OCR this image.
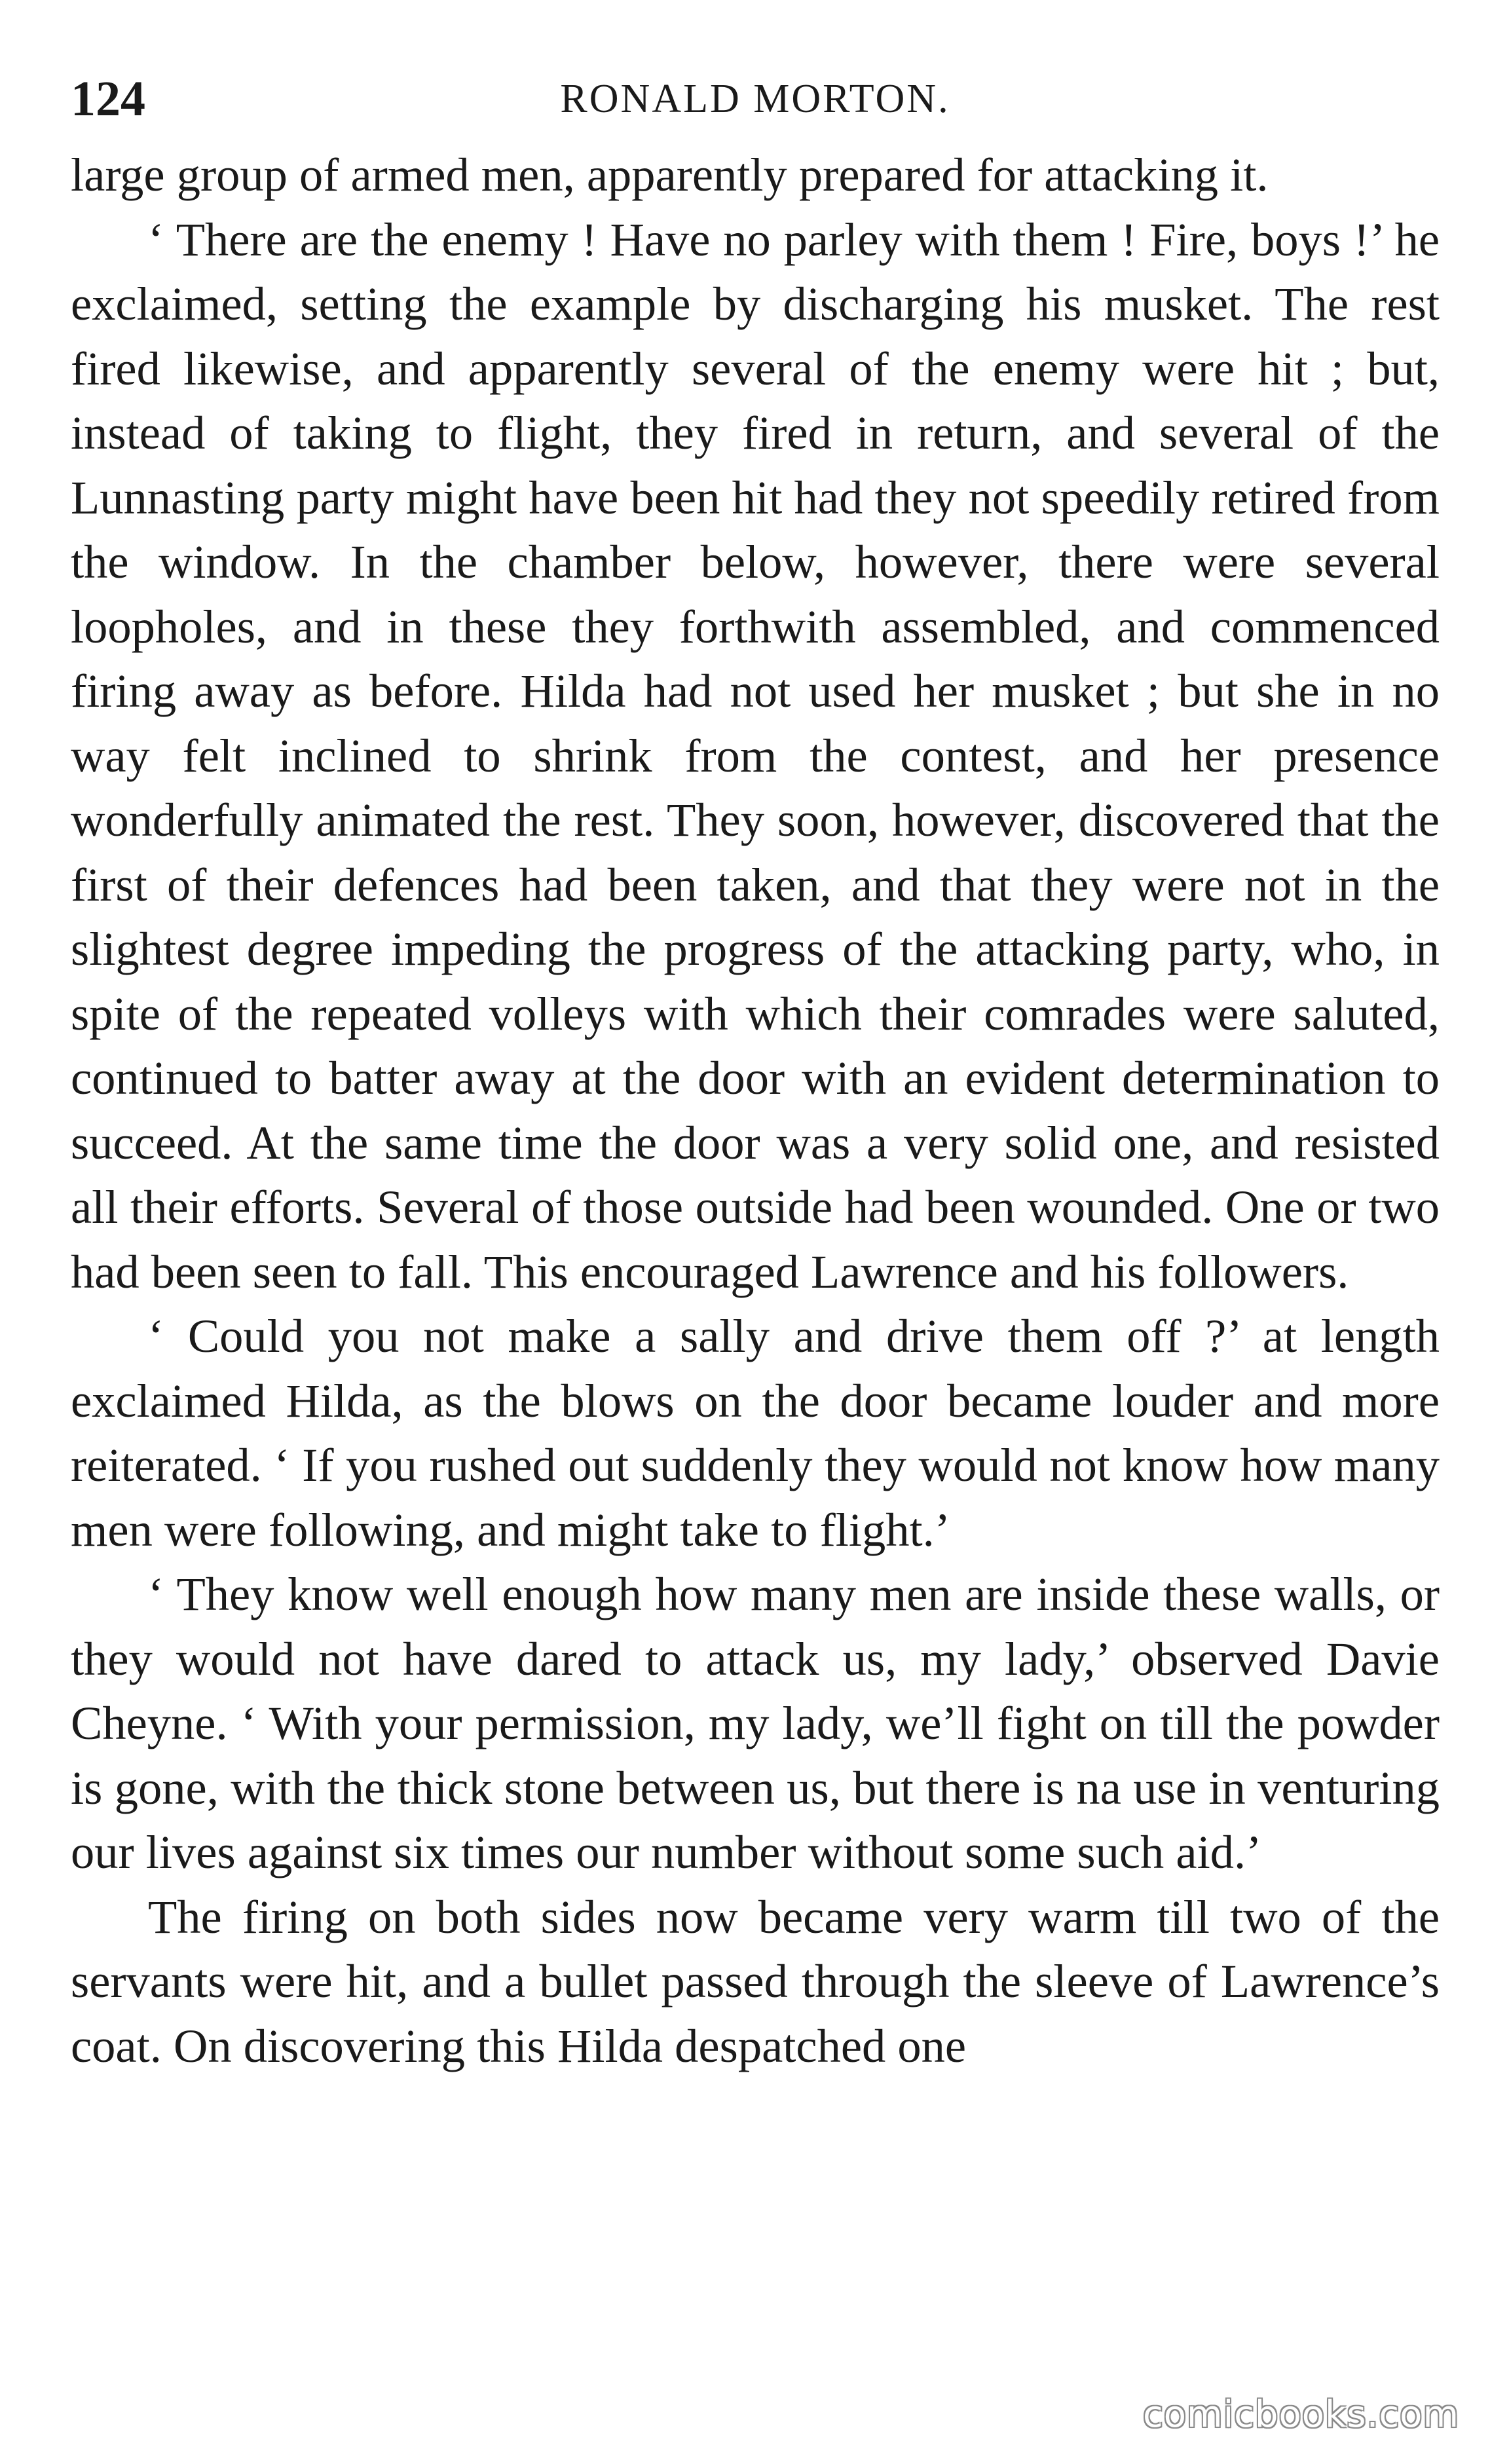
124	RONALD MORTON.

large group of armed men, apparently prepared for attacking it.

‘ There are the enemy ! Have no parley with them ! Fire, boys !’ he exclaimed, setting the example by discharging his musket. The rest fired likewise, and apparently several of the enemy were hit ; but, instead of taking to flight, they fired in return, and several of the Lunnasting party might have been hit had they not speedily retired from the window. In the chamber below, however, there were several loopholes, and in these they forthwith assembled, and commenced firing away as before. Hilda had not used her musket ; but she in no way felt inclined to shrink from the contest, and her presence wonderfully animated the rest. They soon, however, discovered that the first of their defences had been taken, and that they were not in the slightest degree impeding the progress of the attacking party, who, in spite of the repeated volleys with which their comrades were saluted, continued to batter away at the door with an evident determination to succeed. At the same time the door was a very solid one, and resisted all their efforts. Several of those outside had been wounded. One or two had been seen to fall. This encouraged Lawrence and his followers.

‘ Could you not make a sally and drive them off ?’ at length exclaimed Hilda, as the blows on the door became louder and more reiterated. ‘ If you rushed out suddenly they would not know how many men were following, and might take to flight.’

‘ They know well enough how many men are inside these walls, or they would not have dared to attack us, my lady,’ observed Davie Cheyne. ‘ With your permission, my lady, we’ll fight on till the powder is gone, with the thick stone between us, but there is na use in venturing our lives against six times our number without some such aid.’

The firing on both sides now became very warm till two of the servants were hit, and a bullet passed through the sleeve of Lawrence’s coat. On discovering this Hilda despatched one

comicbooks.com
